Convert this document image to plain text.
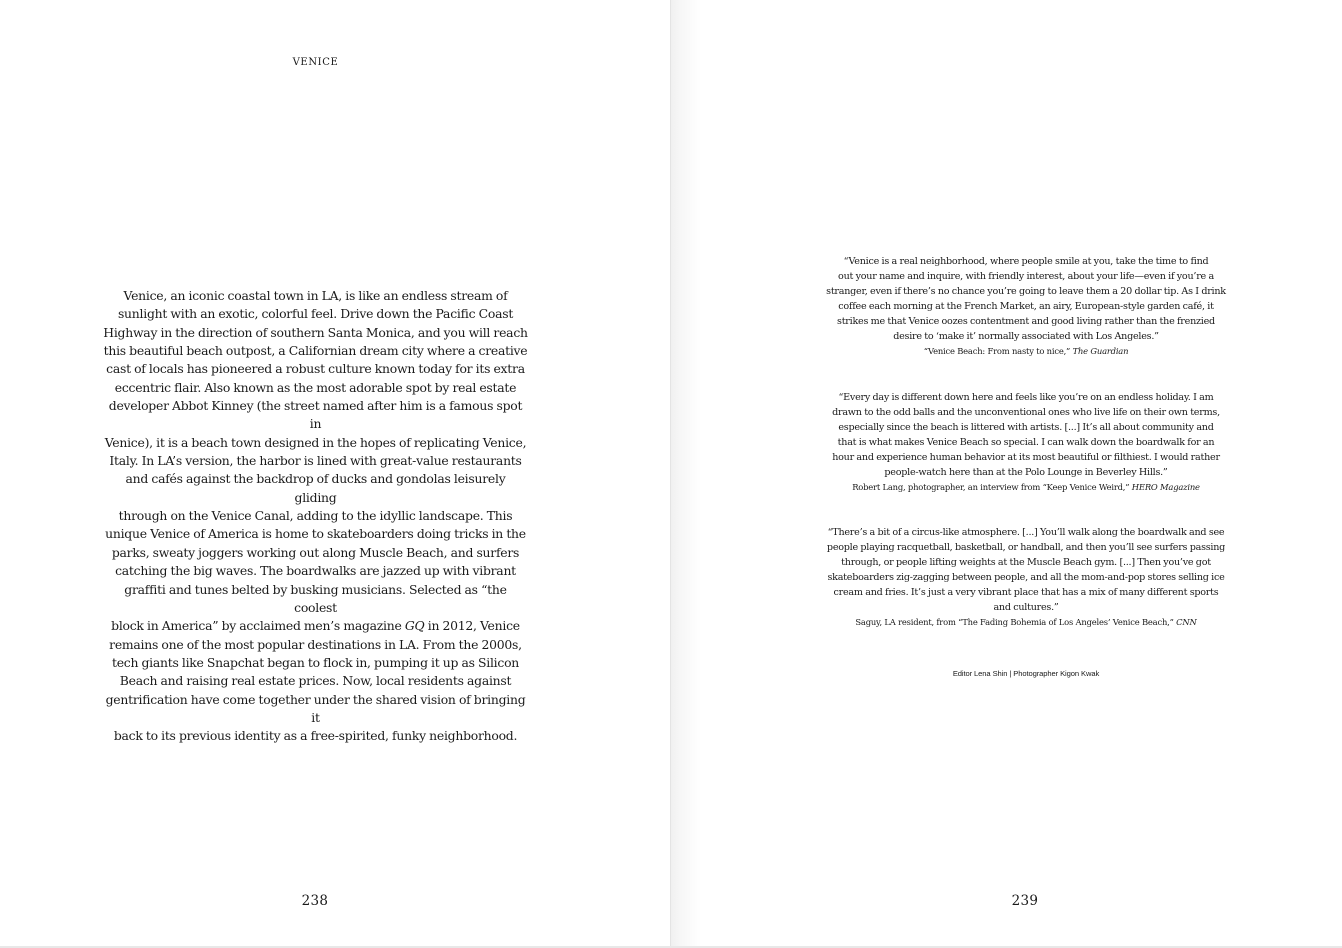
VENICE

Venice, an iconic coastal town in LA, is like an endless stream of
sunlight with an exotic, colorful feel. Drive down the Pacific Coast
Highway in the direction of southern Santa Monica, and you will reach
this beautiful beach outpost, a Californian dream city where a creative
cast of locals has pioneered a robust culture known today for its extra
eccentric flair. Also known as the most adorable spot by real estate
developer Abbot Kinney (the street named after him is a famous spot in
Venice), it is a beach town designed in the hopes of replicating Venice,
Italy. In LA’s version, the harbor is lined with great-value restaurants
and cafés against the backdrop of ducks and gondolas leisurely gliding
through on the Venice Canal, adding to the idyllic landscape. This
unique Venice of America is home to skateboarders doing tricks in the
parks, sweaty joggers working out along Muscle Beach, and surfers
catching the big waves. The boardwalks are jazzed up with vibrant
graffiti and tunes belted by busking musicians. Selected as “the coolest
block in America” by acclaimed men’s magazine GQ in 2012, Venice
remains one of the most popular destinations in LA. From the 2000s,
tech giants like Snapchat began to flock in, pumping it up as Silicon
Beach and raising real estate prices. Now, local residents against
gentrification have come together under the shared vision of bringing it
back to its previous identity as a free-spirited, funky neighborhood.

238

“Venice is a real neighborhood, where people smile at you, take the time to find
out your name and inquire, with friendly interest, about your life—even if you’re a
stranger, even if there’s no chance you’re going to leave them a 20 dollar tip. As I drink
coffee each morning at the French Market, an airy, European-style garden café, it
strikes me that Venice oozes contentment and good living rather than the frenzied
desire to ‘make it’ normally associated with Los Angeles.”

“Venice Beach: From nasty to nice,” The Guardian

“Every day is different down here and feels like you’re on an endless holiday. I am
drawn to the odd balls and the unconventional ones who live life on their own terms,
especially since the beach is littered with artists. [...] It’s all about community and
that is what makes Venice Beach so special. I can walk down the boardwalk for an
hour and experience human behavior at its most beautiful or filthiest. I would rather
people-watch here than at the Polo Lounge in Beverley Hills.”

Robert Lang, photographer, an interview from “Keep Venice Weird,” HERO Magazine

“There’s a bit of a circus-like atmosphere. [...] You’ll walk along the boardwalk and see
people playing racquetball, basketball, or handball, and then you’ll see surfers passing
through, or people lifting weights at the Muscle Beach gym. [...] Then you’ve got
skateboarders zig-zagging between people, and all the mom-and-pop stores selling ice
cream and fries. It’s just a very vibrant place that has a mix of many different sports
and cultures.”

Saguy, LA resident, from “The Fading Bohemia of Los Angeles’ Venice Beach,” CNN

Editor Lena Shin | Photographer Kigon Kwak
239
